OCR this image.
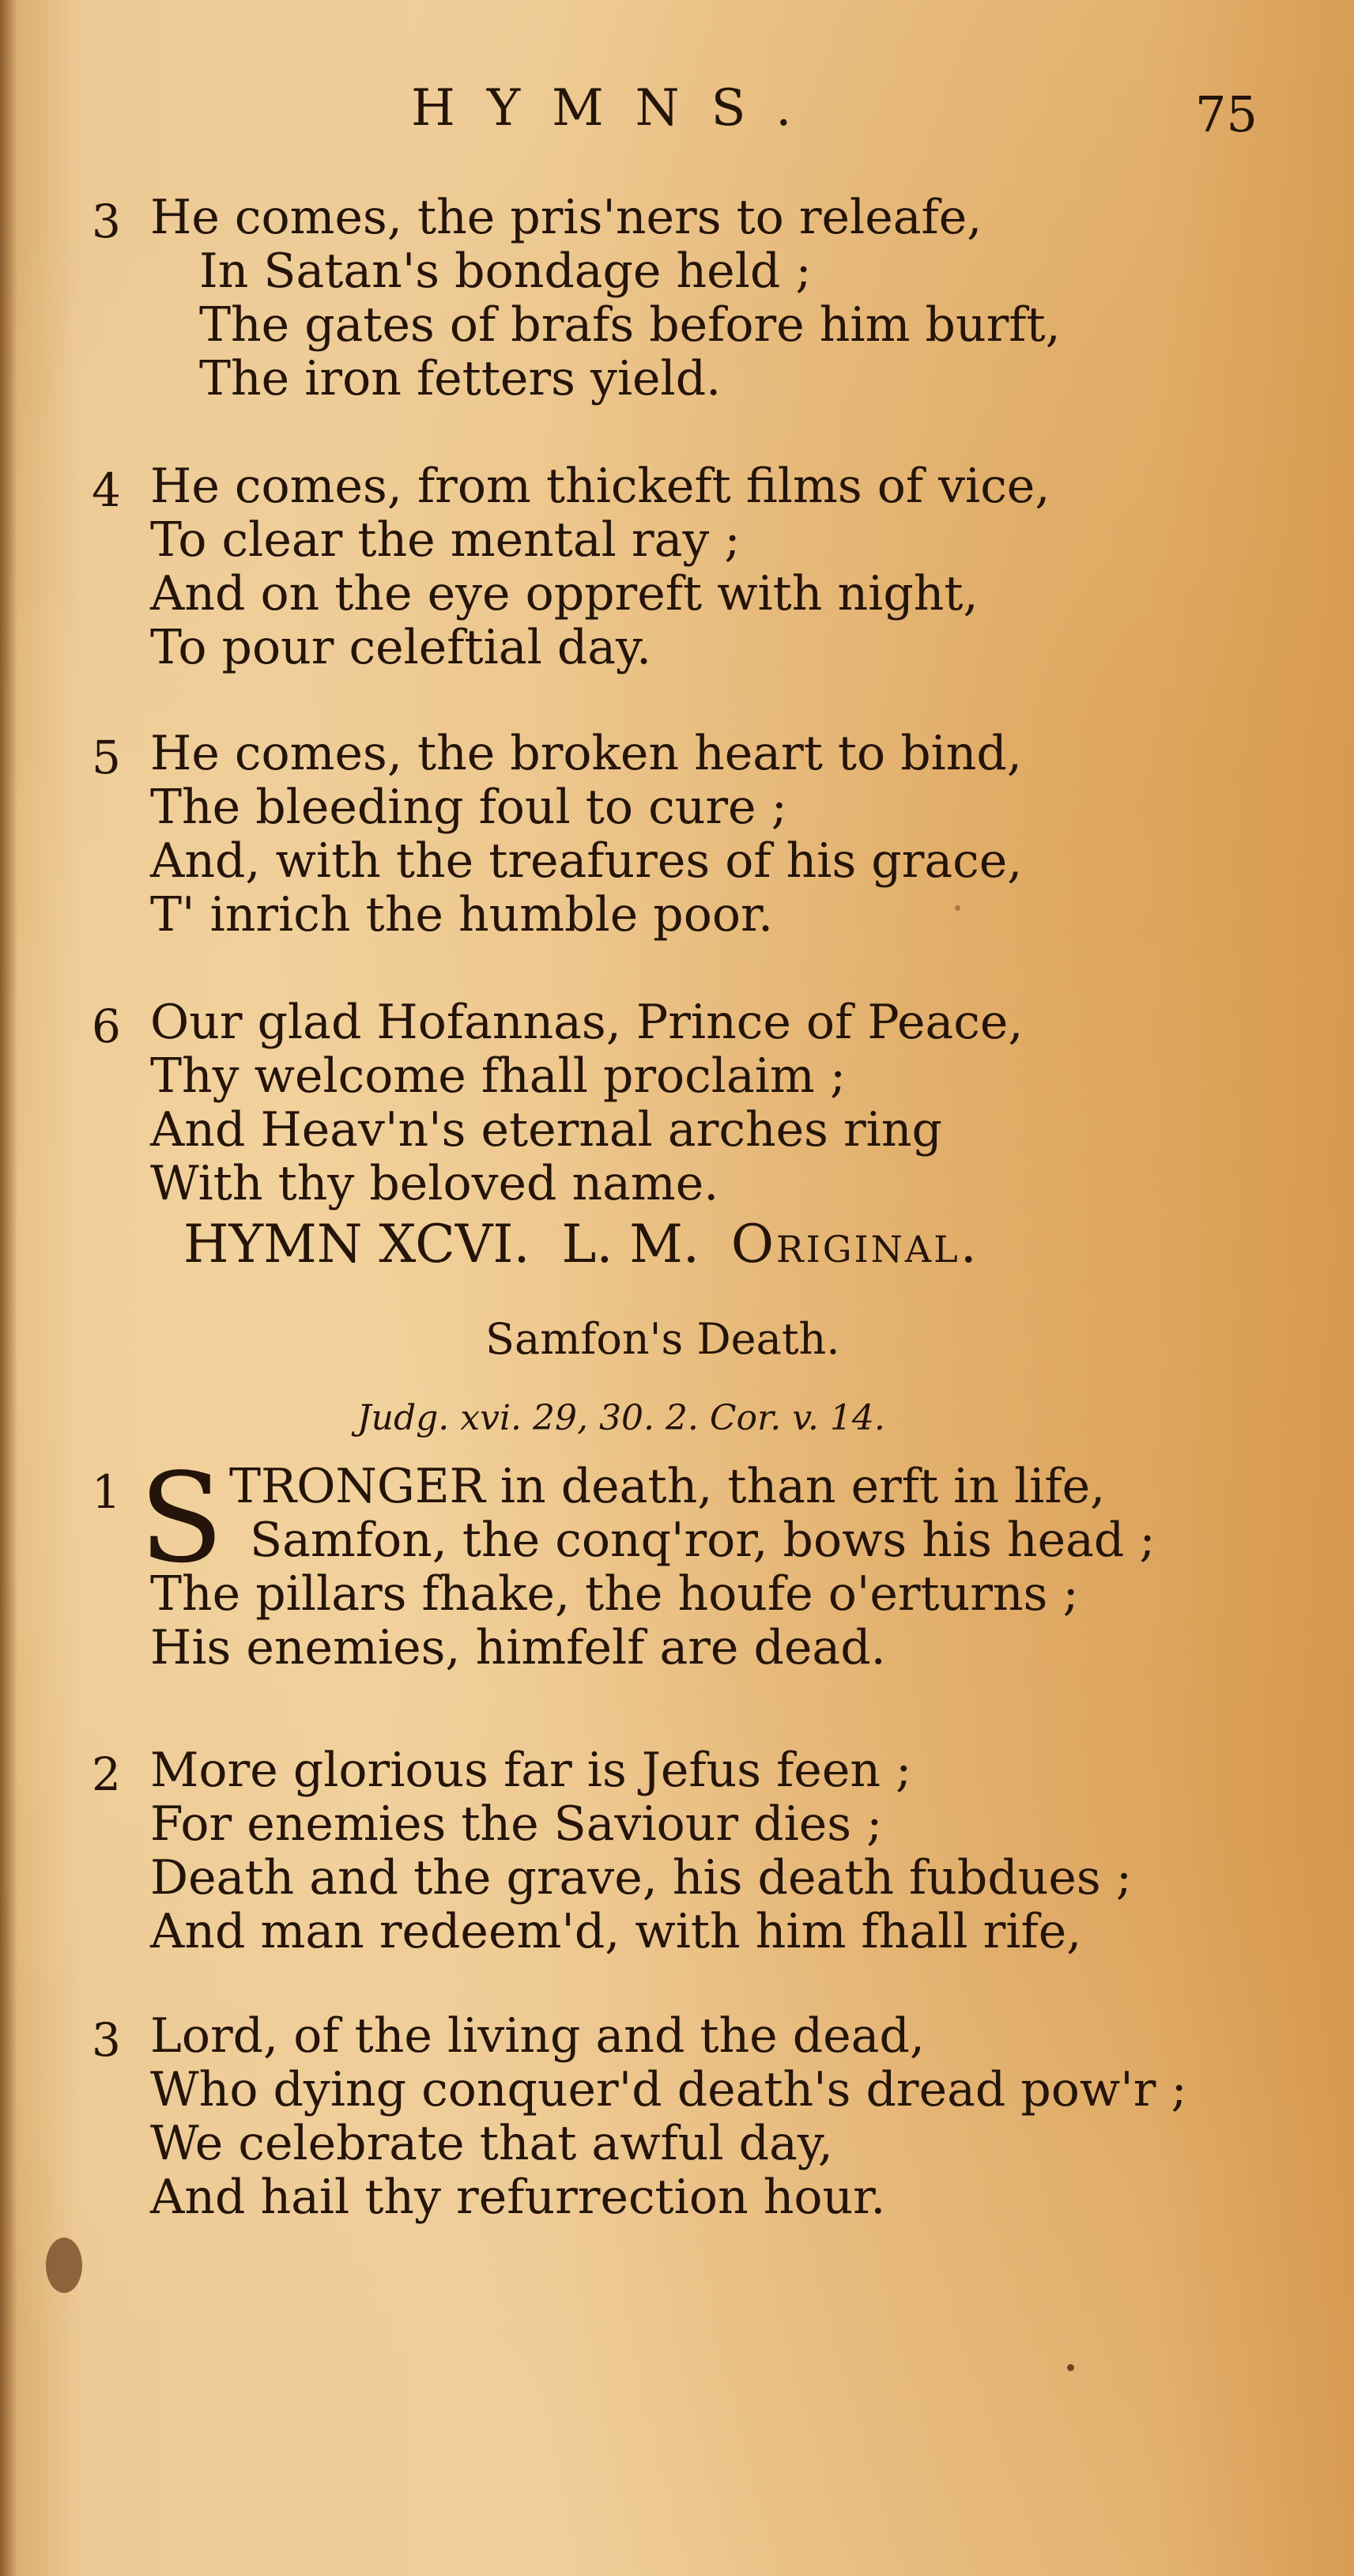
HYMNS.	75
3 He comes, the pris'ners to releafe,
In Satan's bondage held ;
The gates of brafs before him burft,
The iron fetters yield.
4 He comes, from thickeft films of vice,
To clear the mental ray ;
And on the eye oppreft with night,
To pour celeftial day.
5 He comes, the broken heart to bind,
The bleeding foul to cure ;
And, with the treafures of his grace,
T' inrich the humble poor.
6 Our glad Hofannas, Prince of Peace,
Thy welcome fhall proclaim ;
And Heav'n's eternal arches ring
With thy beloved name.
HYMN XCVI. L. M. Original.
Samfon's Death.
Judg. xvi. 29, 30. 2. Cor. v. 14.
1 TRONGER in death, than erft in life,
Samfon, the conq'ror, bows his head ;
The pillars fhake, the houfe o'erturns ;
His enemies, himfelf are dead.
S
2 More glorious far is Jefus feen ;
For enemies the Saviour dies ;
Death and the grave, his death fubdues ;
And man redeem'd, with him fhall rife,
3 Lord, of the living and the dead,
Who dying conquer'd death's dread pow'r ;
We celebrate that awful day,
And hail thy refurrection hour.
